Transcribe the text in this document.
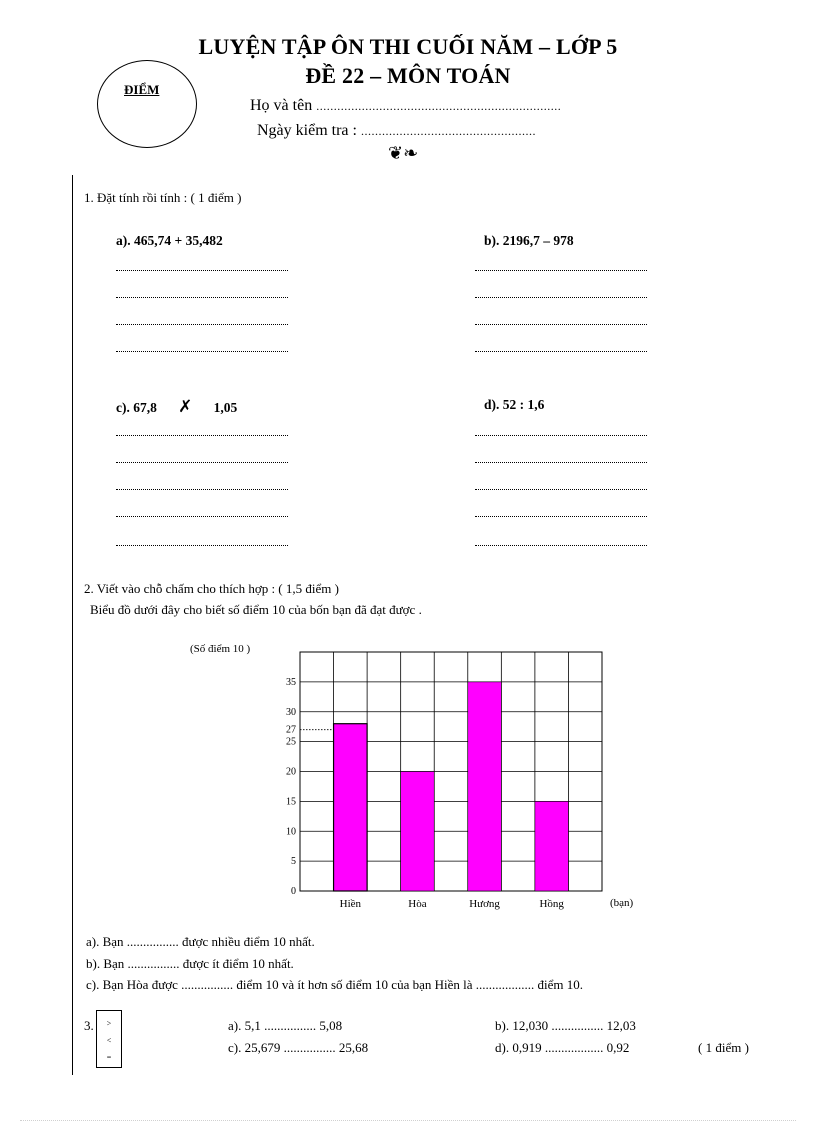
LUYỆN TẬP ÔN THI CUỐI NĂM – LỚP 5
ĐỀ 22 – MÔN TOÁN
ĐIỂM
Họ và tên ......................................................................
Ngày kiểm tra : ..................................................
❦❧
1. Đặt tính rồi tính : ( 1 điểm )
a). 465,74 + 35,482	b). 2196,7 – 978
c). 67,8 ✗ 1,05	d). 52 : 1,6
2. Viết vào chỗ chấm cho thích hợp : ( 1,5 điểm )
Biểu đồ dưới đây cho biết số điểm 10 của bốn bạn đã đạt được .
Hiền	Hòa	Hương	Hồng
0
5
10
15
20
25
27
30
35
(Số điểm 10 )
(bạn)
a). Bạn ................ được nhiều điểm 10 nhất.
b). Bạn ................ được ít điểm 10 nhất.
c). Bạn Hòa được ................ điểm 10 và ít hơn số điểm 10 của bạn Hiền là .................. điểm 10.
3.	>
<
=
a). 5,1 ................ 5,08	b). 12,030 ................ 12,03
c). 25,679 ................ 25,68	d). 0,919 .................. 0,92	( 1 điểm )
